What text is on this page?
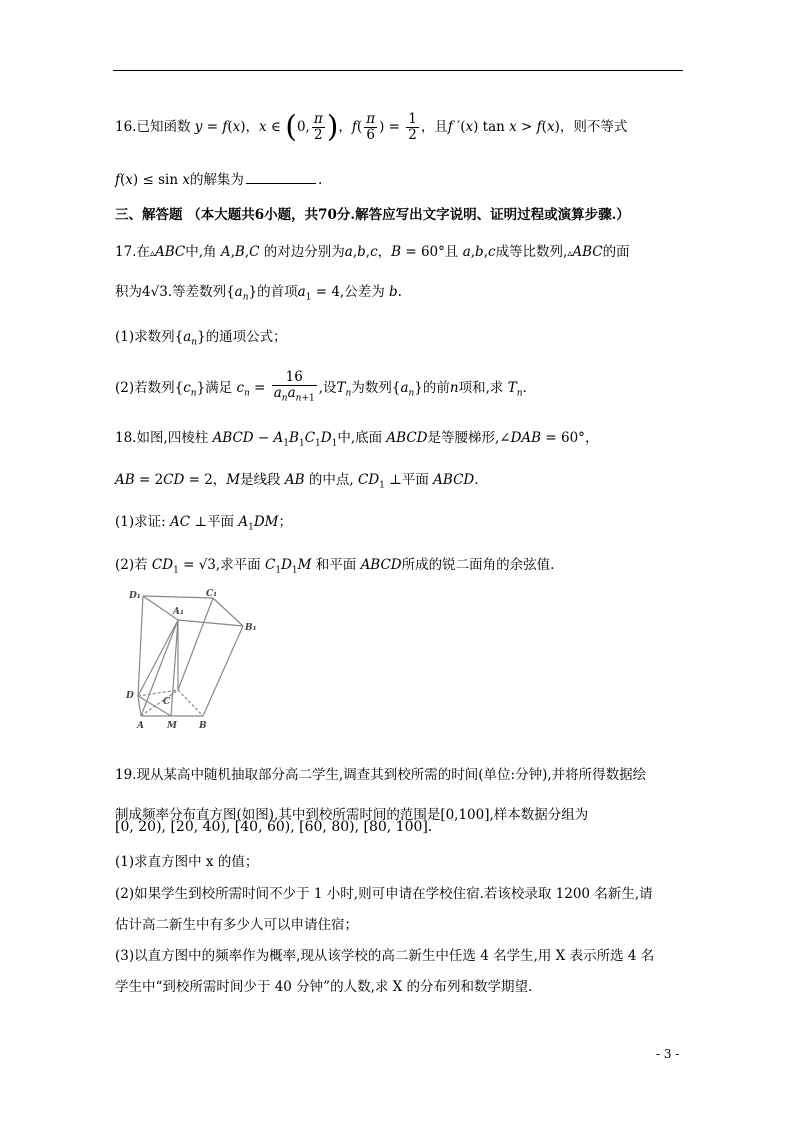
16.已知函数 y = f(x)，x ∈ (0, $\frac{\pi}{2}$ )，$f( \frac{\pi}{6}$ ) = $\frac{1}{2}$ ，且f ′(x) tan x > f(x)，则不等式
f(x) ≤ sin x的解集为	.
三、解答题 （本大题共6小题，共70分.解答应写出文字说明、证明过程或演算步骤.）
17.在▵ABC中,角 A,B,C 的对边分别为a,b,c，B = 60°且 a,b,c成等比数列,▵ABC的面
积为4√3.等差数列$\{a_n\}$的首项$a_1 = 4$,公差为 b.
(1)求数列$\{a_n\}$的通项公式；
(2)若数列$\{c_n\}$满足 $c_n = \frac{16}{a_na_{n+1}}$ ,设$T_n$为数列$\{a_n\}$的前n项和,求 $T_n$.
18.如图,四棱柱 ABCD − $A_1B_1C_1D_1$中,底面 ABCD是等腰梯形,∠DAB = 60°，
AB = 2CD = 2，M是线段 AB 的中点, $CD_1$ ⊥平面 ABCD.
(1)求证: AC ⊥平面 $A_1DM$；
(2)若 $CD_1 = √3$,求平面 $C_1D_1M$ 和平面 ABCD所成的锐二面角的余弦值.
D₁
A₁
C₁
B₁
D
C
A	M B
19.现从某高中随机抽取部分高二学生,调查其到校所需的时间(单位:分钟),并将所得数据绘
制成频率分布直方图(如图),其中到校所需时间的范围是[0,100],样本数据分组为
[0, 20), [20, 40), [40, 60), [60, 80), [80, 100].
(1)求直方图中 x 的值；
(2)如果学生到校所需时间不少于 1 小时,则可申请在学校住宿.若该校录取 1200 名新生,请
估计高二新生中有多少人可以申请住宿；
(3)以直方图中的频率作为概率,现从该学校的高二新生中任选 4 名学生,用 X 表示所选 4 名
学生中“到校所需时间少于 40 分钟”的人数,求 X 的分布列和数学期望.
- 3 -
